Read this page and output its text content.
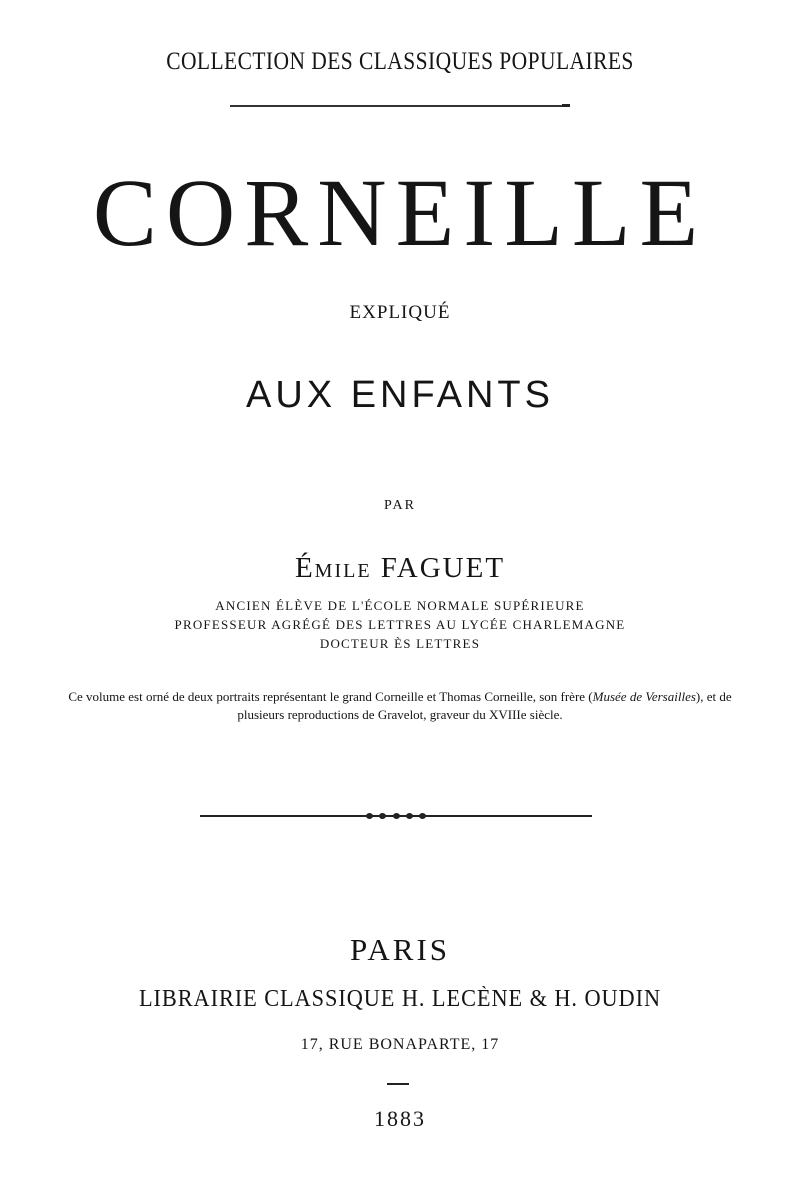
COLLECTION DES CLASSIQUES POPULAIRES
CORNEILLE
EXPLIQUÉ
AUX ENFANTS
PAR
Émile FAGUET
ANCIEN ÉLÈVE DE L'ÉCOLE NORMALE SUPÉRIEURE
PROFESSEUR AGRÉGÉ DES LETTRES AU LYCÉE CHARLEMAGNE
DOCTEUR ÈS LETTRES
Ce volume est orné de deux portraits représentant le grand Corneille et Thomas Corneille, son frère (Musée de Versailles), et de plusieurs reproductions de Gravelot, graveur du XVIIIe siècle.
PARIS
LIBRAIRIE CLASSIQUE H. LECÈNE & H. OUDIN
17, RUE BONAPARTE, 17
1883
